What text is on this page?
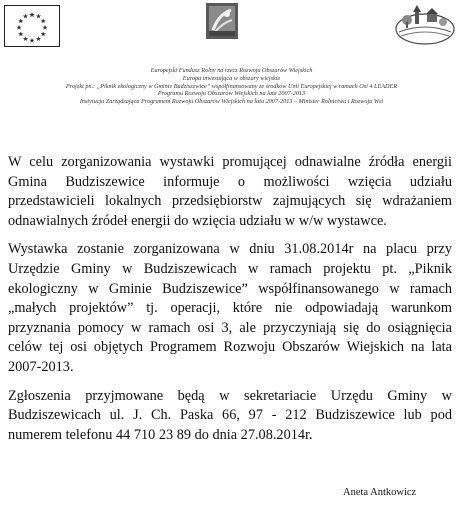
Europejski Fundusz Rolny na rzecz Rozwoju Obszarów Wiejskich
Europa inwestująca w obszary wiejskie
Projekt pn.: „Piknik ekologiczny w Gminie Budziszewice” współfinansowany ze środków Unii Europejskiej w ramach Osi 4 LEADER
Programu Rozwoju Obszarów Wiejskich na lata 2007-2013
Instytucja Zarządzająca Programem Rozwoju Obszarów Wiejskich na lata 2007-2013 – Minister Rolnictwa i Rozwoju Wsi

W celu zorganizowania wystawki promującej odnawialne źródła energii Gmina Budziszewice informuje o możliwości wzięcia udziału przedstawicieli lokalnych przedsiębiorstw zajmujących się wdrażaniem odnawialnych źródeł energii do wzięcia udziału w w/w wystawce.

Wystawka zostanie zorganizowana w dniu 31.08.2014r na placu przy Urzędzie Gminy w Budziszewicach w ramach projektu pt. „Piknik ekologiczny w Gminie Budziszewice” współfinansowanego w ramach „małych projektów” tj. operacji, które nie odpowiadają warunkom przyznania pomocy w ramach osi 3, ale przyczyniają się do osiągnięcia celów tej osi objętych Programem Rozwoju Obszarów Wiejskich na lata 2007-2013.

Zgłoszenia przyjmowane będą w sekretariacie Urzędu Gminy w Budziszewicach ul. J. Ch. Paska 66, 97 - 212 Budziszewice lub pod numerem telefonu 44 710 23 89 do dnia 27.08.2014r.

Aneta Antkowicz
